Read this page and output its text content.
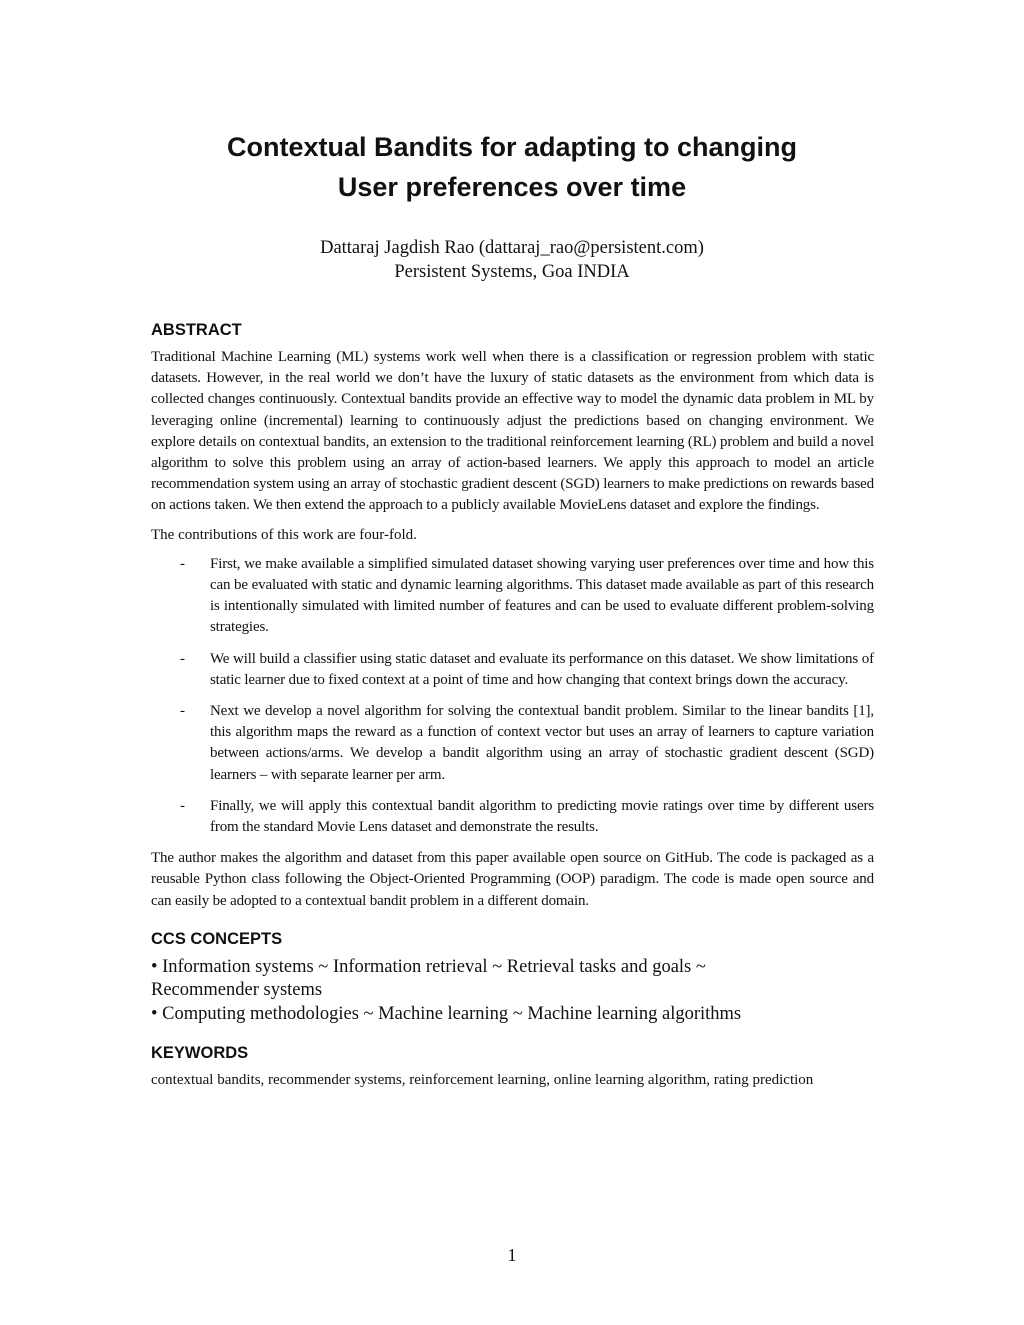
Contextual Bandits for adapting to changing
User preferences over time
Dattaraj Jagdish Rao (dattaraj_rao@persistent.com)
Persistent Systems, Goa INDIA
ABSTRACT

Traditional Machine Learning (ML) systems work well when there is a classification or regression problem with static datasets. However, in the real world we don’t have the luxury of static datasets as the environment from which data is collected changes continuously. Contextual bandits provide an effective way to model the dynamic data problem in ML by leveraging online (incremental) learning to continuously adjust the predictions based on changing environment. We explore details on contextual bandits, an extension to the traditional reinforcement learning (RL) problem and build a novel algorithm to solve this problem using an array of action-based learners. We apply this approach to model an article recommendation system using an array of stochastic gradient descent (SGD) learners to make predictions on rewards based on actions taken. We then extend the approach to a publicly available MovieLens dataset and explore the findings.

The contributions of this work are four-fold.

- First, we make available a simplified simulated dataset showing varying user preferences over time and how this can be evaluated with static and dynamic learning algorithms. This dataset made available as part of this research is intentionally simulated with limited number of features and can be used to evaluate different problem-solving strategies.
- We will build a classifier using static dataset and evaluate its performance on this dataset. We show limitations of static learner due to fixed context at a point of time and how changing that context brings down the accuracy.
- Next we develop a novel algorithm for solving the contextual bandit problem. Similar to the linear bandits [1], this algorithm maps the reward as a function of context vector but uses an array of learners to capture variation between actions/arms. We develop a bandit algorithm using an array of stochastic gradient descent (SGD) learners – with separate learner per arm.
- Finally, we will apply this contextual bandit algorithm to predicting movie ratings over time by different users from the standard Movie Lens dataset and demonstrate the results.

The author makes the algorithm and dataset from this paper available open source on GitHub. The code is packaged as a reusable Python class following the Object-Oriented Programming (OOP) paradigm. The code is made open source and can easily be adopted to a contextual bandit problem in a different domain.

CCS CONCEPTS
• Information systems ~ Information retrieval ~ Retrieval tasks and goals ~
Recommender systems
• Computing methodologies ~ Machine learning ~ Machine learning algorithms
KEYWORDS

contextual bandits, recommender systems, reinforcement learning, online learning algorithm, rating prediction

1
